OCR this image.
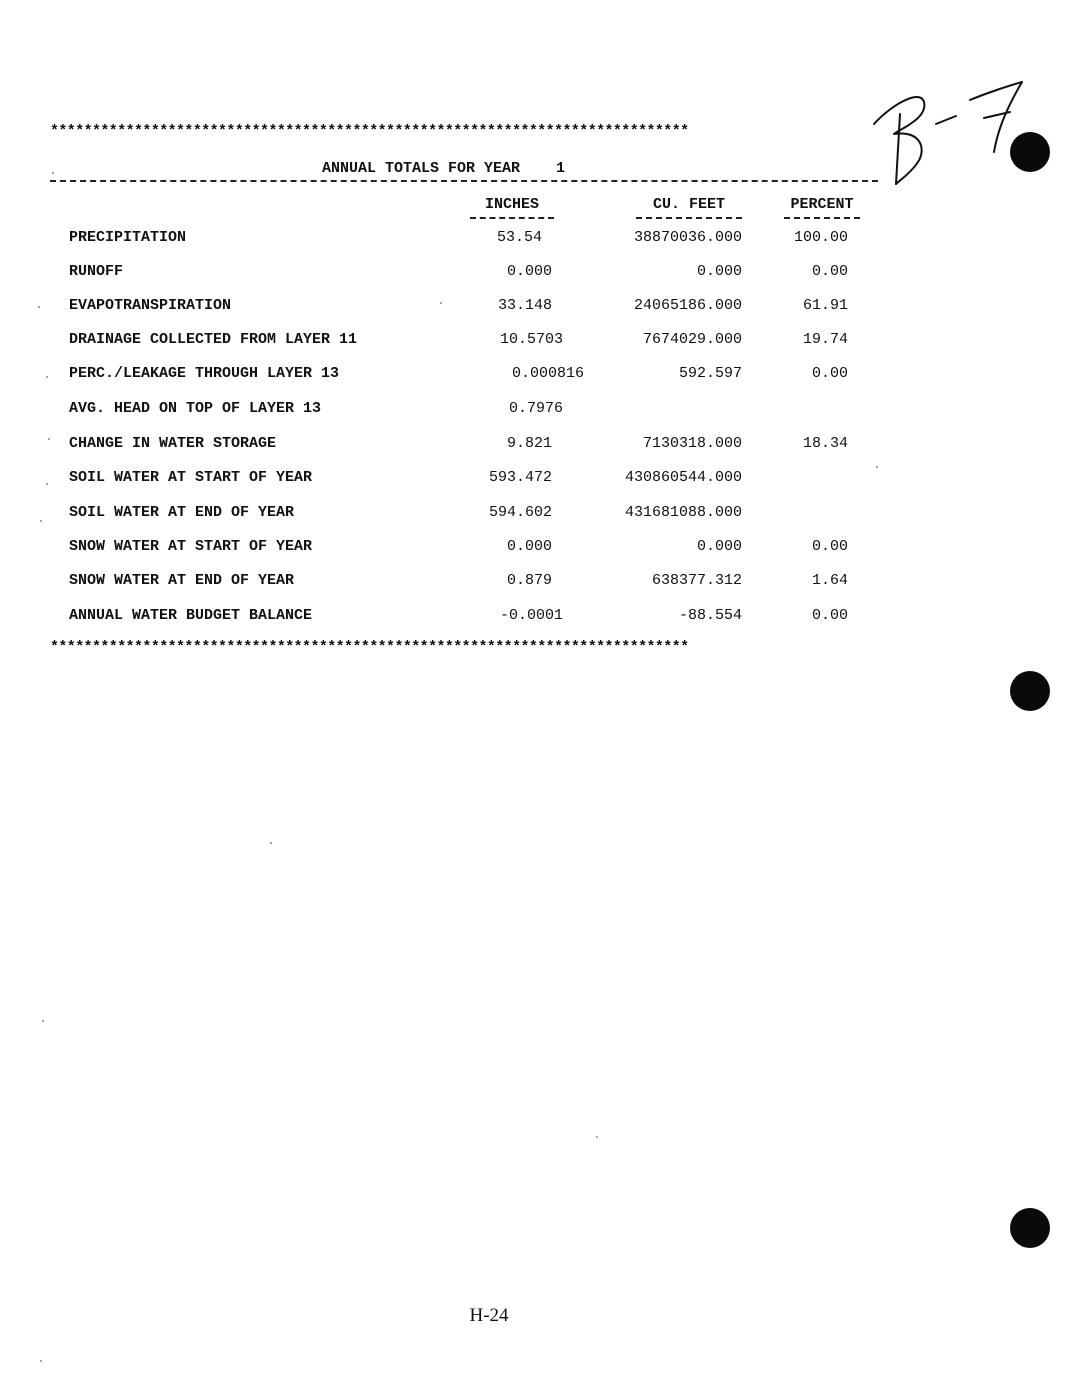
****************************************************************************
ANNUAL TOTALS FOR YEAR    1
INCHES	CU. FEET	PERCENT
PRECIPITATION	53.54	38870036.000	100.00
RUNOFF	0.000	0.000	0.00
EVAPOTRANSPIRATION	33.148	24065186.000	61.91
DRAINAGE COLLECTED FROM LAYER 11	10.5703	7674029.000	19.74
PERC./LEAKAGE THROUGH LAYER 13	0.000816	592.597	0.00
AVG. HEAD ON TOP OF LAYER 13	0.7976
CHANGE IN WATER STORAGE	9.821	7130318.000	18.34
SOIL WATER AT START OF YEAR	593.472	430860544.000
SOIL WATER AT END OF YEAR	594.602	431681088.000
SNOW WATER AT START OF YEAR	0.000	0.000	0.00
SNOW WATER AT END OF YEAR	0.879	638377.312	1.64
ANNUAL WATER BUDGET BALANCE	-0.0001	-88.554	0.00
****************************************************************************
H-24
